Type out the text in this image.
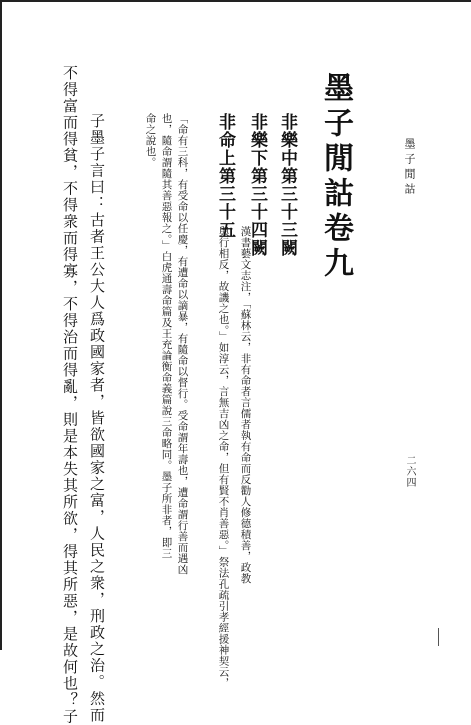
墨子閒詁
二六四
墨子閒詁卷九
非樂中第三十三闕
非樂下第三十四闕
非命上第三十五
漢書藝文志注，「蘇林云，非有命者言儒者執有命而反勸人修德積善，政教
與行相反，故譏之也。」如淳云，言無吉凶之命，但有賢不肖善惡。」祭法孔疏引孝經援神契云，
「命有三科，有受命以任慶，有遭命以謫暴，有隨命以督行。受命謂年壽也，遭命謂行善而遇凶
也，隨命謂隨其善惡報之。」白虎通壽命篇及王充論衡命義篇說三命略同。墨子所非者，即三
命之說也。
子墨子言曰：古者王公大人爲政國家者，皆欲國家之富，人民之衆，刑政之治。然而
不得富而得貧，不得衆而得寡，不得治而得亂，則是本失其所欲，得其所惡，是故何也？子
